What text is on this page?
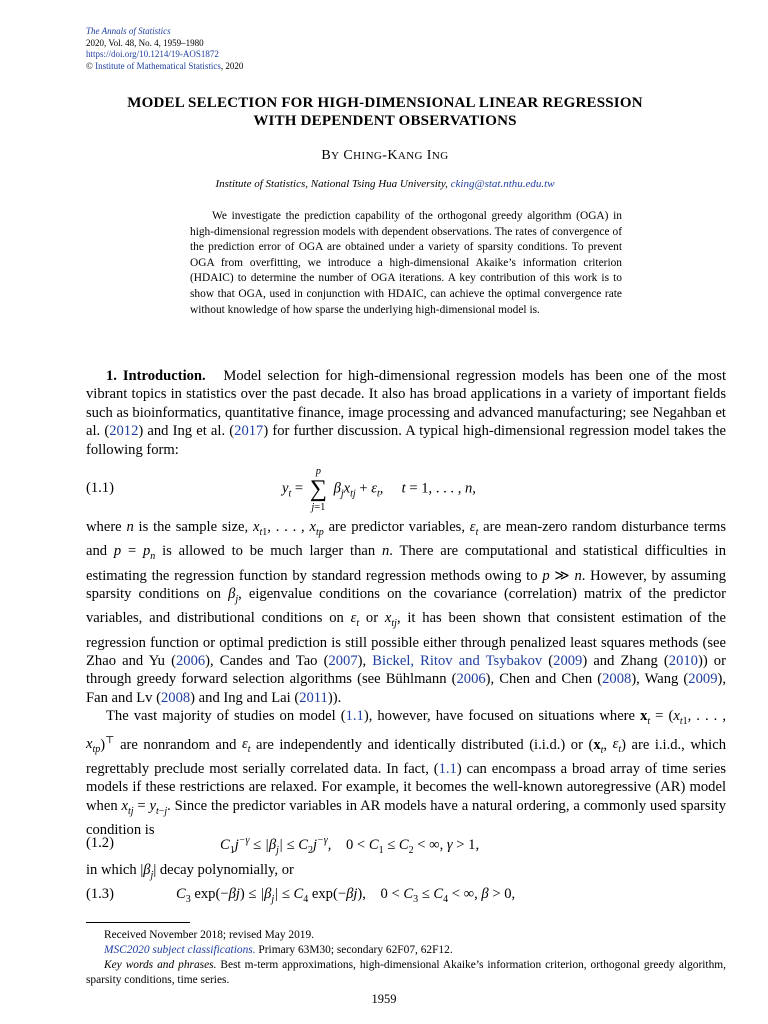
The Annals of Statistics
2020, Vol. 48, No. 4, 1959–1980
https://doi.org/10.1214/19-AOS1872
© Institute of Mathematical Statistics, 2020
MODEL SELECTION FOR HIGH-DIMENSIONAL LINEAR REGRESSION
WITH DEPENDENT OBSERVATIONS
BY CHING-KANG ING
Institute of Statistics, National Tsing Hua University, cking@stat.nthu.edu.tw
We investigate the prediction capability of the orthogonal greedy algorithm (OGA) in high-dimensional regression models with dependent observations. The rates of convergence of the prediction error of OGA are obtained under a variety of sparsity conditions. To prevent OGA from overfitting, we introduce a high-dimensional Akaike’s information criterion (HDAIC) to determine the number of OGA iterations. A key contribution of this work is to show that OGA, used in conjunction with HDAIC, can achieve the optimal convergence rate without knowledge of how sparse the underlying high-dimensional model is.

1. Introduction. Model selection for high-dimensional regression models has been one of the most vibrant topics in statistics over the past decade. It also has broad applications in a variety of important fields such as bioinformatics, quantitative finance, image processing and advanced manufacturing; see Negahban et al. (2012) and Ing et al. (2017) for further discussion. A typical high-dimensional regression model takes the following form:

(1.1)	$y_t = p$
∑
j=1 $\beta_jx_{tj} + \varepsilon_t$,     t = 1, . . . , n,

where n is the sample size, $x_{t1}$, . . . , $x_{tp}$ are predictor variables, $\varepsilon_t$ are mean-zero random disturbance terms and $p = p_n$ is allowed to be much larger than n. There are computational and statistical difficulties in estimating the regression function by standard regression methods owing to p ≫ n. However, by assuming sparsity conditions on $\beta_j$, eigenvalue conditions on the covariance (correlation) matrix of the predictor variables, and distributional conditions on $\varepsilon_t$ or $x_{tj}$, it has been shown that consistent estimation of the regression function or optimal prediction is still possible either through penalized least squares methods (see Zhao and Yu (2006), Candes and Tao (2007), Bickel, Ritov and Tsybakov (2009) and Zhang (2010)) or through greedy forward selection algorithms (see Bühlmann (2006), Chen and Chen (2008), Wang (2009), Fan and Lv (2008) and Ing and Lai (2011)).

The vast majority of studies on model (1.1), however, have focused on situations where $x_t = (x_{t1}$, . . . , $x_{tp})^⊤$ are nonrandom and $\varepsilon_t$ are independently and identically distributed (i.i.d.) or ($x_t$, $\varepsilon_t$) are i.i.d., which regrettably preclude most serially correlated data. In fact, (1.1) can encompass a broad array of time series models if these restrictions are relaxed. For example, it becomes the well-known autoregressive (AR) model when $x_{tj} = y_{t-j}$. Since the predictor variables in AR models have a natural ordering, a commonly used sparsity condition is

(1.2)	$C_1j^{-\gamma} \le |\beta_j| \le C_2j^{-\gamma}$,    $0 < C_1 \le C_2$ < ∞, γ > 1,

in which $|\beta_j|$ decay polynomially, or

(1.3)	$C_3$ $\exp(-\beta j) \le |\beta_j| \le C_4$ exp(−βj), $0 < C_3 \le C_4$ < ∞, β > 0,
Received November 2018; revised May 2019.
MSC2020 subject classifications. Primary 63M30; secondary 62F07, 62F12.
Key words and phrases. Best m-term approximations, high-dimensional Akaike’s information criterion, orthogonal greedy algorithm, sparsity conditions, time series.
1959
